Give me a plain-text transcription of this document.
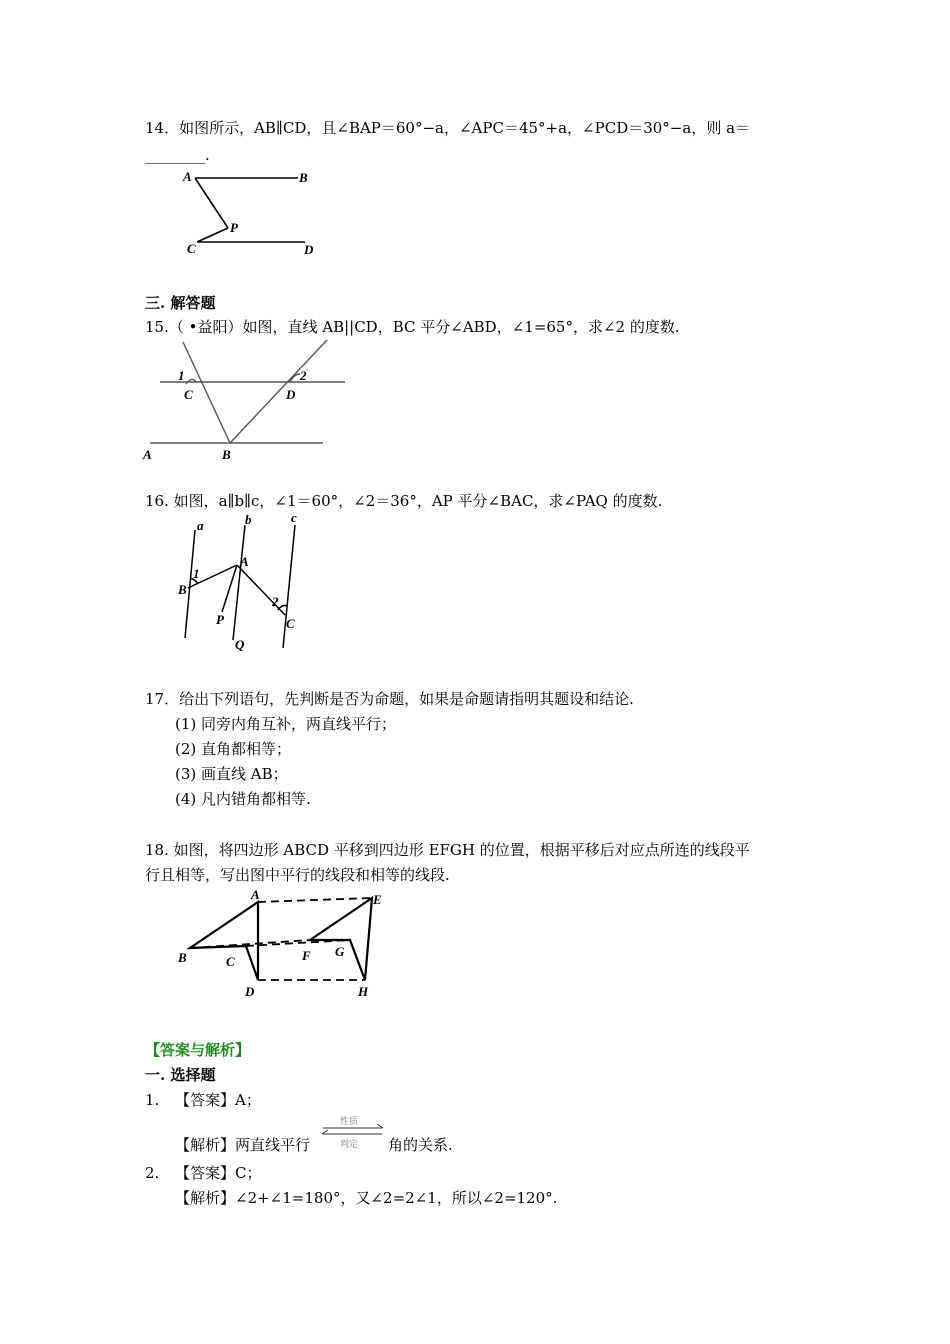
14．如图所示，AB∥CD，且∠BAP＝60°−a，∠APC＝45°+a，∠PCD＝30°−a，则 a＝
________.
A	B
P
C	D
1
C
2
D
A	B
a	b	c
A
B
1
2
P	C
Q
A	E
B	C	F G
D	H
三. 解答题
15.（ •益阳）如图，直线 AB||CD，BC 平分∠ABD，∠1=65°，求∠2 的度数.
16. 如图，a∥b∥c，∠1＝60°，∠2＝36°，AP 平分∠BAC，求∠PAQ 的度数.
17．给出下列语句，先判断是否为命题，如果是命题请指明其题设和结论.
(1) 同旁内角互补，两直线平行；
(2) 直角都相等；
(3) 画直线 AB；
(4) 凡内错角都相等.
18. 如图，将四边形 ABCD 平移到四边形 EFGH 的位置，根据平移后对应点所连的线段平
行且相等，写出图中平行的线段和相等的线段.
【答案与解析】
一. 选择题
1. 【答案】A；
【解析】两直线平行
性质
判定 角的关系.
2. 【答案】C；
【解析】∠2+∠1=180°，又∠2=2∠1，所以∠2=120°.
